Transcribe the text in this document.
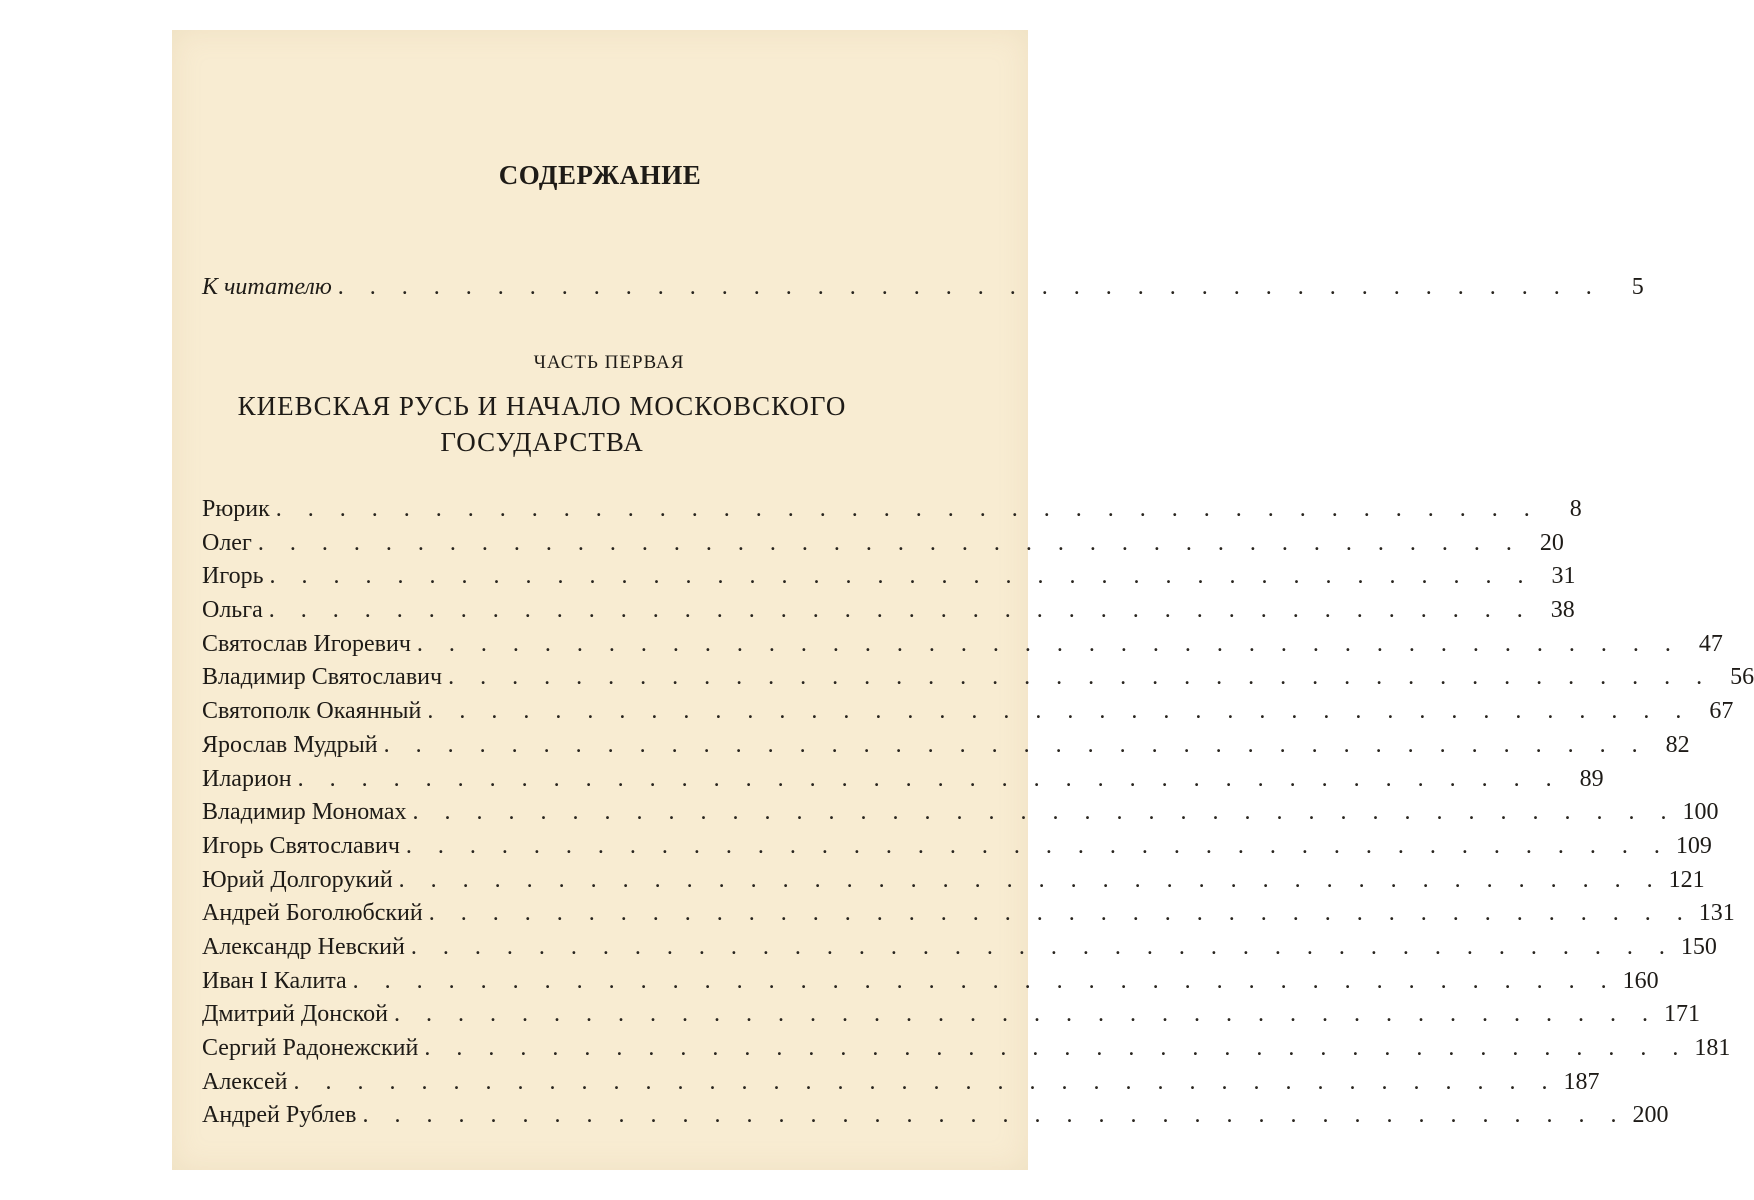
СОДЕРЖАНИЕ
К читателю . . . . . . . . . . . . . . . . . . . . . . . . . . . . . . . . . . . . . . . .	5
ЧАСТЬ ПЕРВАЯ
КИЕВСКАЯ РУСЬ И НАЧАЛО МОСКОВСКОГО
ГОСУДАРСТВА
Рюрик . . . . . . . . . . . . . . . . . . . . . . . . . . . . . . . . . . . . . . . .	8
Олег . . . . . . . . . . . . . . . . . . . . . . . . . . . . . . . . . . . . . . . . 20
Игорь . . . . . . . . . . . . . . . . . . . . . . . . . . . . . . . . . . . . . . . . 31
Ольга . . . . . . . . . . . . . . . . . . . . . . . . . . . . . . . . . . . . . . . . 38
Святослав Игоревич . . . . . . . . . . . . . . . . . . . . . . . . . . . . . . . . . . . . . . . . 47
Владимир Святославич . . . . . . . . . . . . . . . . . . . . . . . . . . . . . . . . . . . . . . . . 56
Святополк Окаянный . . . . . . . . . . . . . . . . . . . . . . . . . . . . . . . . . . . . . . . . 67
Ярослав Мудрый . . . . . . . . . . . . . . . . . . . . . . . . . . . . . . . . . . . . . . . . 82
Иларион . . . . . . . . . . . . . . . . . . . . . . . . . . . . . . . . . . . . . . . . 89
Владимир Мономах . . . . . . . . . . . . . . . . . . . . . . . . . . . . . . . . . . . . . . . . 100
Игорь Святославич . . . . . . . . . . . . . . . . . . . . . . . . . . . . . . . . . . . . . . . . 109
Юрий Долгорукий . . . . . . . . . . . . . . . . . . . . . . . . . . . . . . . . . . . . . . . . 121
Андрей Боголюбский . . . . . . . . . . . . . . . . . . . . . . . . . . . . . . . . . . . . . . . . 131
Александр Невский . . . . . . . . . . . . . . . . . . . . . . . . . . . . . . . . . . . . . . . . 150
Иван I Калита . . . . . . . . . . . . . . . . . . . . . . . . . . . . . . . . . . . . . . . . 160
Дмитрий Донской . . . . . . . . . . . . . . . . . . . . . . . . . . . . . . . . . . . . . . . . 171
Сергий Радонежский . . . . . . . . . . . . . . . . . . . . . . . . . . . . . . . . . . . . . . . . 181
Алексей . . . . . . . . . . . . . . . . . . . . . . . . . . . . . . . . . . . . . . . . 187
Андрей Рублев . . . . . . . . . . . . . . . . . . . . . . . . . . . . . . . . . . . . . . . . 200
